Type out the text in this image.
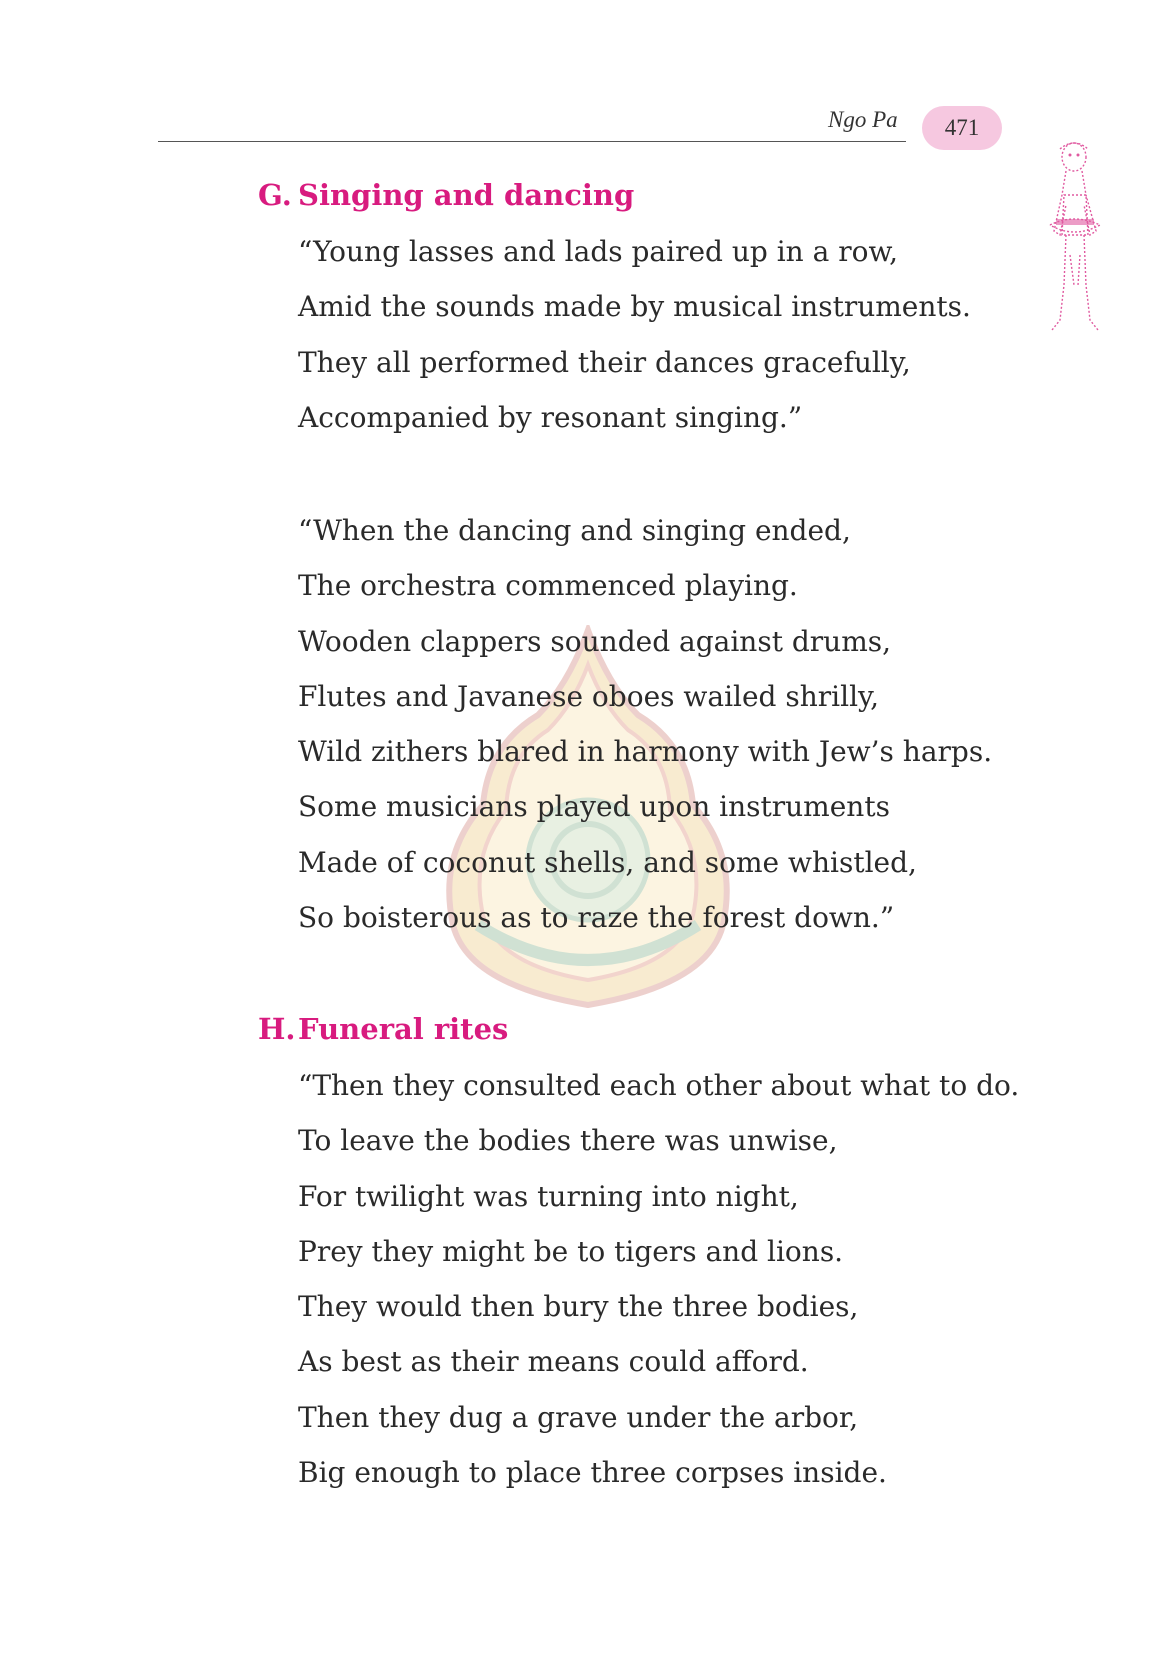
Ngo Pa	471
G. Singing and dancing
“Young lasses and lads paired up in a row,
Amid the sounds made by musical instruments.
They all performed their dances gracefully,
Accompanied by resonant singing.”
“When the dancing and singing ended,
The orchestra commenced playing.
Wooden clappers sounded against drums,
Flutes and Javanese oboes wailed shrilly,
Wild zithers blared in harmony with Jew’s harps.
Some musicians played upon instruments
Made of coconut shells, and some whistled,
So boisterous as to raze the forest down.”
H.Funeral rites
“Then they consulted each other about what to do.
To leave the bodies there was unwise,
For twilight was turning into night,
Prey they might be to tigers and lions.
They would then bury the three bodies,
As best as their means could afford.
Then they dug a grave under the arbor,
Big enough to place three corpses inside.
